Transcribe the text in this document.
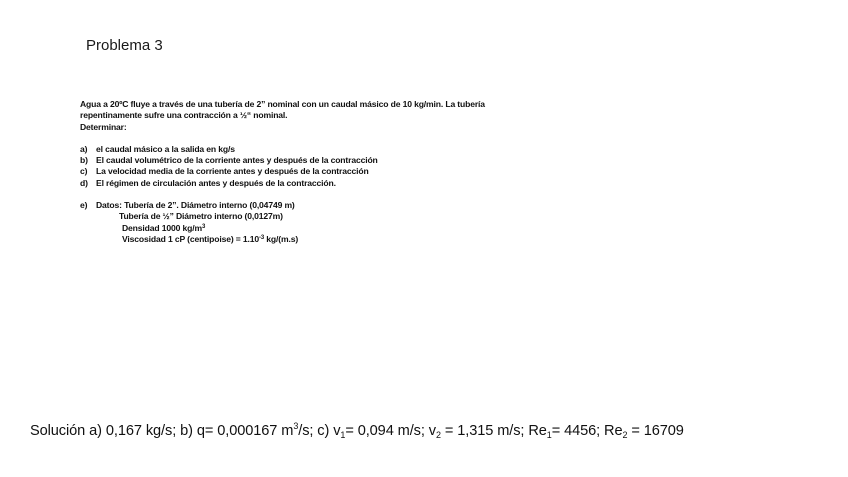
Problema 3

Agua a 20ºC fluye a través de una tubería de 2” nominal con un caudal másico de 10 kg/min. La tubería

repentinamente sufre una contracción a ½“ nominal.

Determinar:

a)	el caudal másico a la salida en kg/s
b) El caudal volumétrico de la corriente antes y después de la contracción
c)	La velocidad media de la corriente antes y después de la contracción
d) El régimen de circulación antes y después de la contracción.
e)	Datos: Tubería de 2”. Diámetro interno (0,04749 m)
Tubería de ½” Diámetro interno (0,0127m)
Densidad 1000 $kg/m^3$
Viscosidad 1 cP (centipoise) = $1.10^{-3}$ kg/(m.s)
Solución a) 0,167 kg/s; b) q= 0,000167 $m^3/s$; c) $v_1= 0,094$ m/s; $v_2 = 1,315$ m/s; $Re_1= 4456$; $Re_2 = 16709$
